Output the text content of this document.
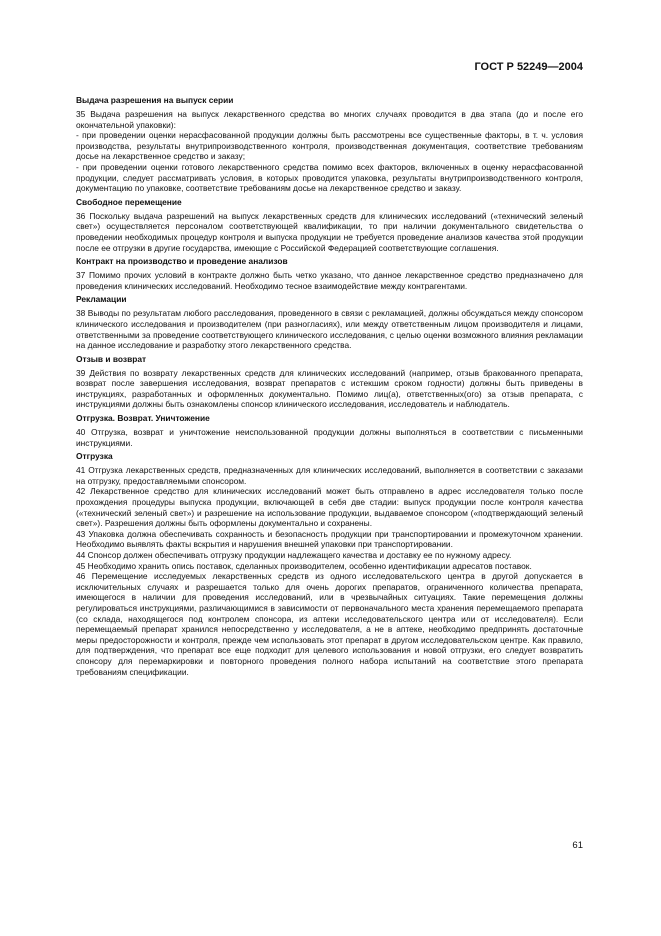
ГОСТ Р 52249—2004
Выдача разрешения на выпуск серии

35 Выдача разрешения на выпуск лекарственного средства во многих случаях проводится в два этапа (до и после его окончательной упаковки):

- при проведении оценки нерасфасованной продукции должны быть рассмотрены все существенные факторы, в т. ч. условия производства, результаты внутрипроизводственного контроля, производственная документация, соответствие требованиям досье на лекарственное средство и заказу;

- при проведении оценки готового лекарственного средства помимо всех факторов, включенных в оценку нерасфасованной продукции, следует рассматривать условия, в которых проводится упаковка, результаты внутрипроизводственного контроля, документацию по упаковке, соответствие требованиям досье на лекарственное средство и заказу.

Свободное перемещение

36 Поскольку выдача разрешений на выпуск лекарственных средств для клинических исследований («технический зеленый свет») осуществляется персоналом соответствующей квалификации, то при наличии документального свидетельства о проведении необходимых процедур контроля и выпуска продукции не требуется проведение анализов качества этой продукции после ее отгрузки в другие государства, имеющие с Российской Федерацией соответствующие соглашения.

Контракт на производство и проведение анализов

37 Помимо прочих условий в контракте должно быть четко указано, что данное лекарственное средство предназначено для проведения клинических исследований. Необходимо тесное взаимодействие между контрагентами.

Рекламации

38 Выводы по результатам любого расследования, проведенного в связи с рекламацией, должны обсуждаться между спонсором клинического исследования и производителем (при разногласиях), или между ответственным лицом производителя и лицами, ответственными за проведение соответствующего клинического исследования, с целью оценки возможного влияния рекламации на данное исследование и разработку этого лекарственного средства.

Отзыв и возврат

39 Действия по возврату лекарственных средств для клинических исследований (например, отзыв бракованного препарата, возврат после завершения исследования, возврат препаратов с истекшим сроком годности) должны быть приведены в инструкциях, разработанных и оформленных документально. Помимо лиц(а), ответственных(ого) за отзыв препарата, с инструкциями должны быть ознакомлены спонсор клинического исследования, исследователь и наблюдатель.

Отгрузка. Возврат. Уничтожение

40 Отгрузка, возврат и уничтожение неиспользованной продукции должны выполняться в соответствии с письменными инструкциями.

Отгрузка

41 Отгрузка лекарственных средств, предназначенных для клинических исследований, выполняется в соответствии с заказами на отгрузку, предоставляемыми спонсором.

42 Лекарственное средство для клинических исследований может быть отправлено в адрес исследователя только после прохождения процедуры выпуска продукции, включающей в себя две стадии: выпуск продукции после контроля качества («технический зеленый свет») и разрешение на использование продукции, выдаваемое спонсором («подтверждающий зеленый свет»). Разрешения должны быть оформлены документально и сохранены.

43 Упаковка должна обеспечивать сохранность и безопасность продукции при транспортировании и промежуточном хранении. Необходимо выявлять факты вскрытия и нарушения внешней упаковки при транспортировании.

44 Спонсор должен обеспечивать отгрузку продукции надлежащего качества и доставку ее по нужному адресу.

45 Необходимо хранить опись поставок, сделанных производителем, особенно идентификации адресатов поставок.

46 Перемещение исследуемых лекарственных средств из одного исследовательского центра в другой допускается в исключительных случаях и разрешается только для очень дорогих препаратов, ограниченного количества препарата, имеющегося в наличии для проведения исследований, или в чрезвычайных ситуациях. Такие перемещения должны регулироваться инструкциями, различающимися в зависимости от первоначального места хранения перемещаемого препарата (со склада, находящегося под контролем спонсора, из аптеки исследовательского центра или от исследователя). Если перемещаемый препарат хранился непосредственно у исследователя, а не в аптеке, необходимо предпринять достаточные меры предосторожности и контроля, прежде чем использовать этот препарат в другом исследовательском центре. Как правило, для подтверждения, что препарат все еще подходит для целевого использования и новой отгрузки, его следует возвратить спонсору для перемаркировки и повторного проведения полного набора испытаний на соответствие этого препарата требованиям спецификации.

61
